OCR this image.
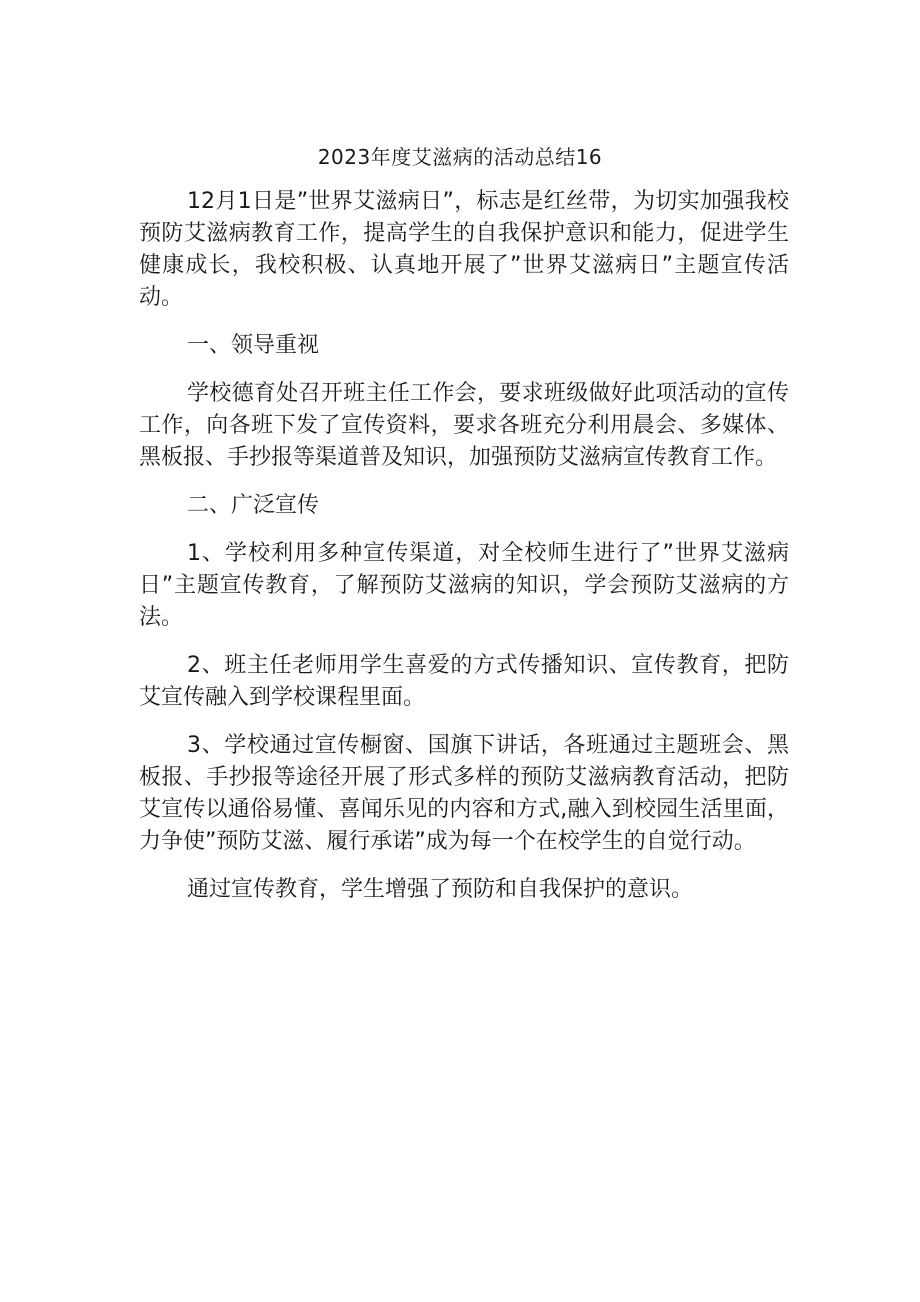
2023年度艾滋病的活动总结16

12月1日是”世界艾滋病日”，标志是红丝带，为切实加强我校预防艾滋病教育工作，提高学生的自我保护意识和能力，促进学生健康成长，我校积极、认真地开展了”世界艾滋病日”主题宣传活动。

一、领导重视

学校德育处召开班主任工作会，要求班级做好此项活动的宣传工作，向各班下发了宣传资料，要求各班充分利用晨会、多媒体、黑板报、手抄报等渠道普及知识，加强预防艾滋病宣传教育工作。

二、广泛宣传

1、学校利用多种宣传渠道，对全校师生进行了”世界艾滋病日”主题宣传教育，了解预防艾滋病的知识，学会预防艾滋病的方法。

2、班主任老师用学生喜爱的方式传播知识、宣传教育，把防艾宣传融入到学校课程里面。

3、学校通过宣传橱窗、国旗下讲话，各班通过主题班会、黑板报、手抄报等途径开展了形式多样的预防艾滋病教育活动，把防艾宣传以通俗易懂、喜闻乐见的内容和方式,融入到校园生活里面，力争使”预防艾滋、履行承诺”成为每一个在校学生的自觉行动。

通过宣传教育，学生增强了预防和自我保护的意识。
